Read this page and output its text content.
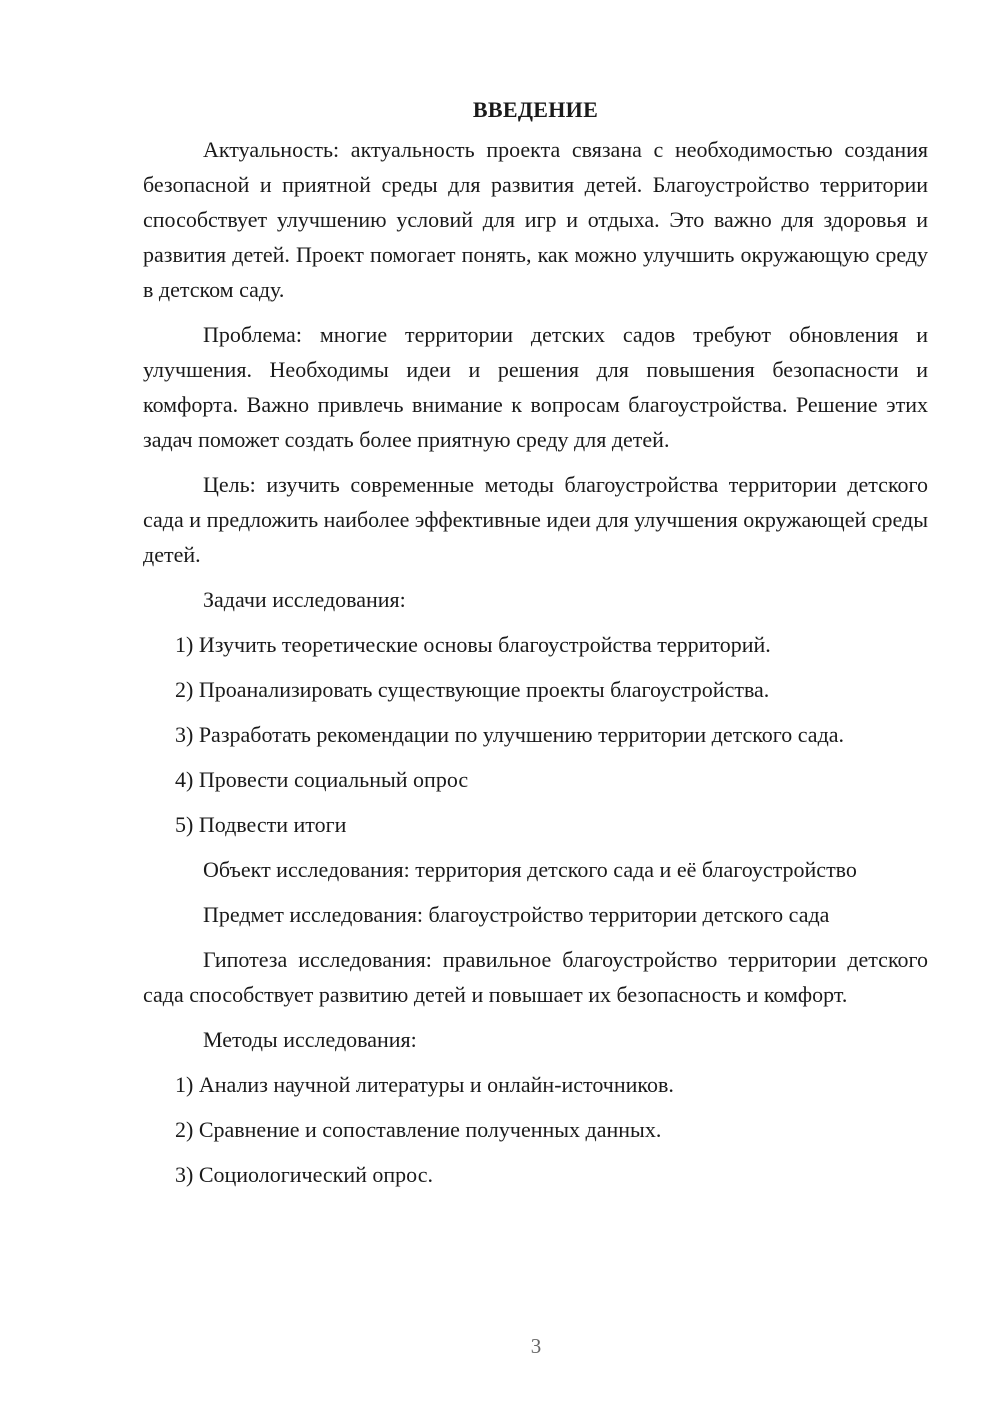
ВВЕДЕНИЕ

Актуальность: актуальность проекта связана с необходимостью создания безопасной и приятной среды для развития детей. Благоустройство территории способствует улучшению условий для игр и отдыха. Это важно для здоровья и развития детей. Проект помогает понять, как можно улучшить окружающую среду в детском саду.

Проблема: многие территории детских садов требуют обновления и улучшения. Необходимы идеи и решения для повышения безопасности и комфорта. Важно привлечь внимание к вопросам благоустройства. Решение этих задач поможет создать более приятную среду для детей.

Цель: изучить современные методы благоустройства территории детского сада и предложить наиболее эффективные идеи для улучшения окружающей среды детей.

Задачи исследования:

1) Изучить теоретические основы благоустройства территорий.

2) Проанализировать существующие проекты благоустройства.

3) Разработать рекомендации по улучшению территории детского сада.

4) Провести социальный опрос

5) Подвести итоги

Объект исследования: территория детского сада и её благоустройство

Предмет исследования: благоустройство территории детского сада

Гипотеза исследования: правильное благоустройство территории детского сада способствует развитию детей и повышает их безопасность и комфорт.

Методы исследования:

1) Анализ научной литературы и онлайн-источников.

2) Сравнение и сопоставление полученных данных.

3) Социологический опрос.

3
